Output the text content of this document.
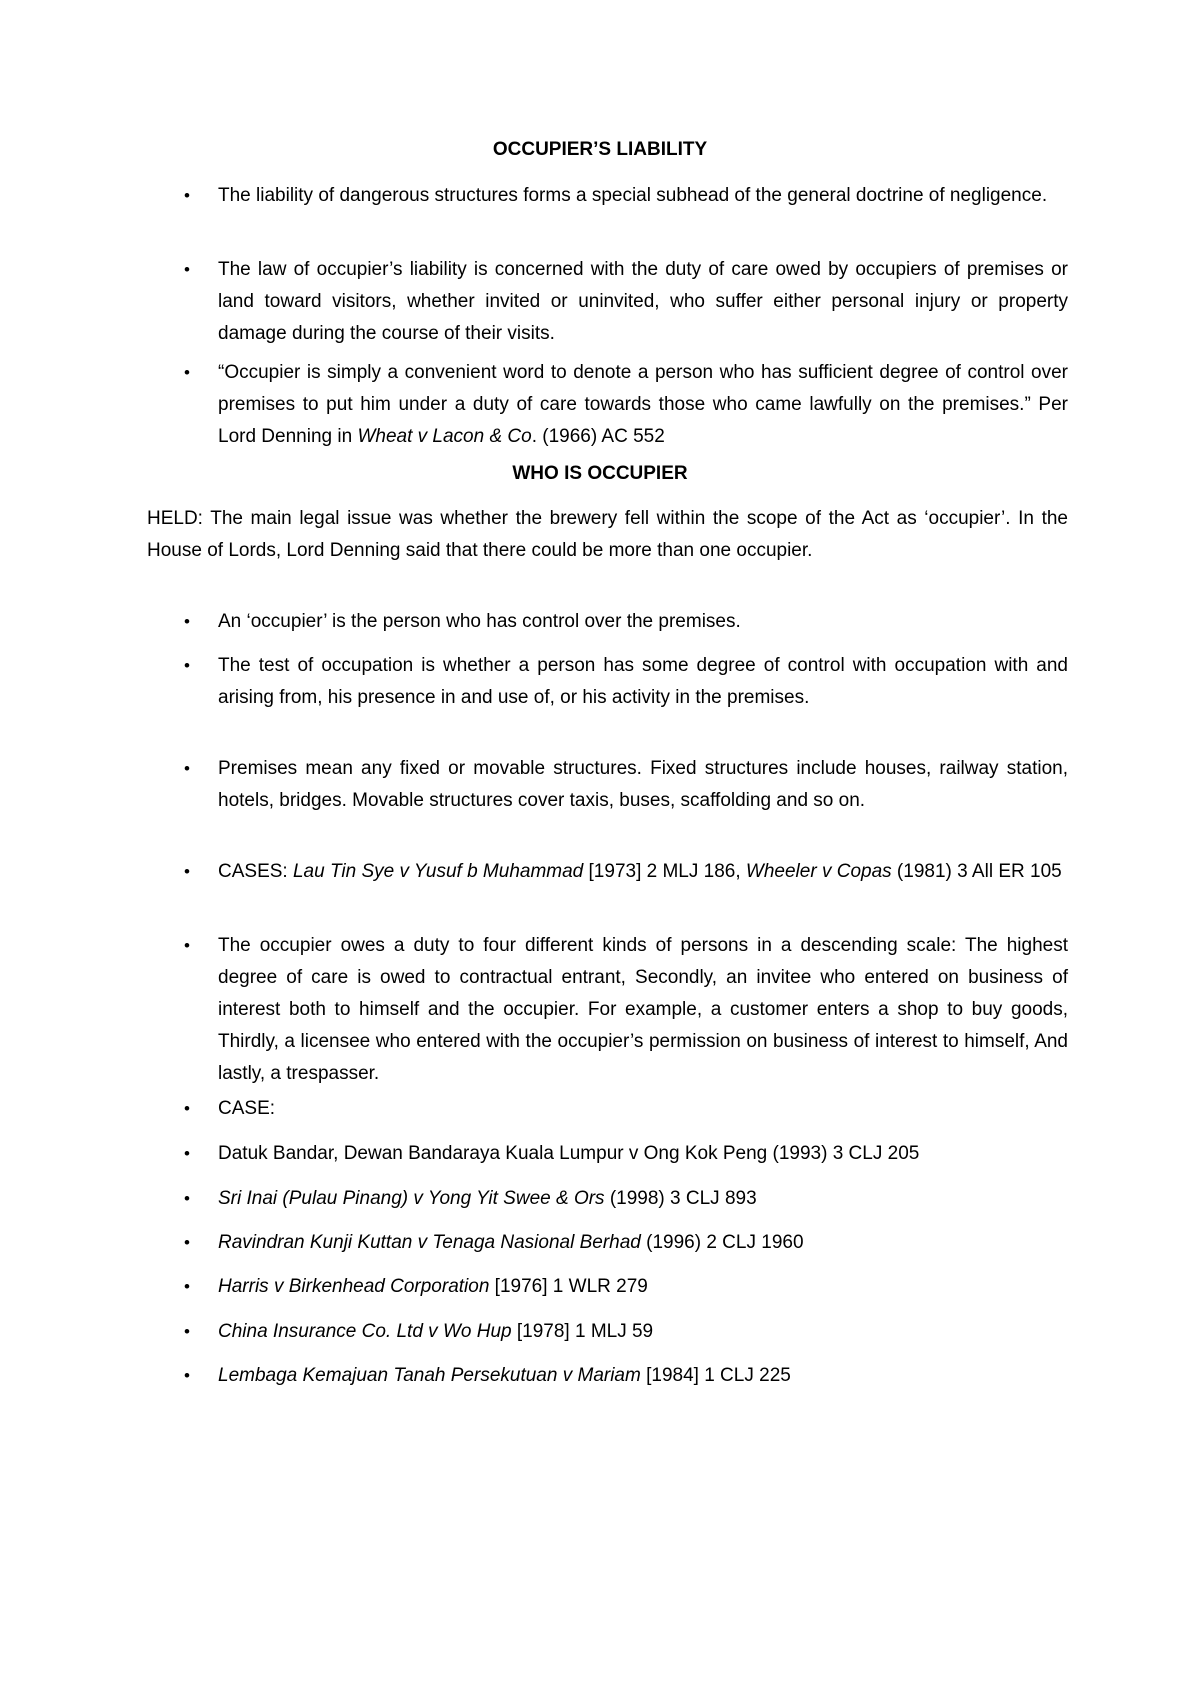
OCCUPIER’S LIABILITY
• The liability of dangerous structures forms a special subhead of the general doctrine of negligence.

• The law of occupier’s liability is concerned with the duty of care owed by occupiers of premises or land toward visitors, whether invited or uninvited, who suffer either personal injury or property damage during the course of their visits.

• “Occupier is simply a convenient word to denote a person who has sufficient degree of control over premises to put him under a duty of care towards those who came lawfully on the premises.” Per Lord Denning in Wheat v Lacon & Co. (1966) AC 552

WHO IS OCCUPIER

HELD: The main legal issue was whether the brewery fell within the scope of the Act as ‘occupier’. In the House of Lords, Lord Denning said that there could be more than one occupier.

• An ‘occupier’ is the person who has control over the premises.

• The test of occupation is whether a person has some degree of control with occupation with and arising from, his presence in and use of, or his activity in the premises.

• Premises mean any fixed or movable structures. Fixed structures include houses, railway station, hotels, bridges. Movable structures cover taxis, buses, scaffolding and so on.

• CASES: Lau Tin Sye v Yusuf b Muhammad [1973] 2 MLJ 186, Wheeler v Copas (1981) 3 All ER 105

• The occupier owes a duty to four different kinds of persons in a descending scale: The highest degree of care is owed to contractual entrant, Secondly, an invitee who entered on business of interest both to himself and the occupier. For example, a customer enters a shop to buy goods, Thirdly, a licensee who entered with the occupier’s permission on business of interest to himself, And lastly, a trespasser.

• CASE:

• Datuk Bandar, Dewan Bandaraya Kuala Lumpur v Ong Kok Peng (1993) 3 CLJ 205

• Sri Inai (Pulau Pinang) v Yong Yit Swee & Ors (1998) 3 CLJ 893

• Ravindran Kunji Kuttan v Tenaga Nasional Berhad (1996) 2 CLJ 1960

• Harris v Birkenhead Corporation [1976] 1 WLR 279

• China Insurance Co. Ltd v Wo Hup [1978] 1 MLJ 59

• Lembaga Kemajuan Tanah Persekutuan v Mariam [1984] 1 CLJ 225
